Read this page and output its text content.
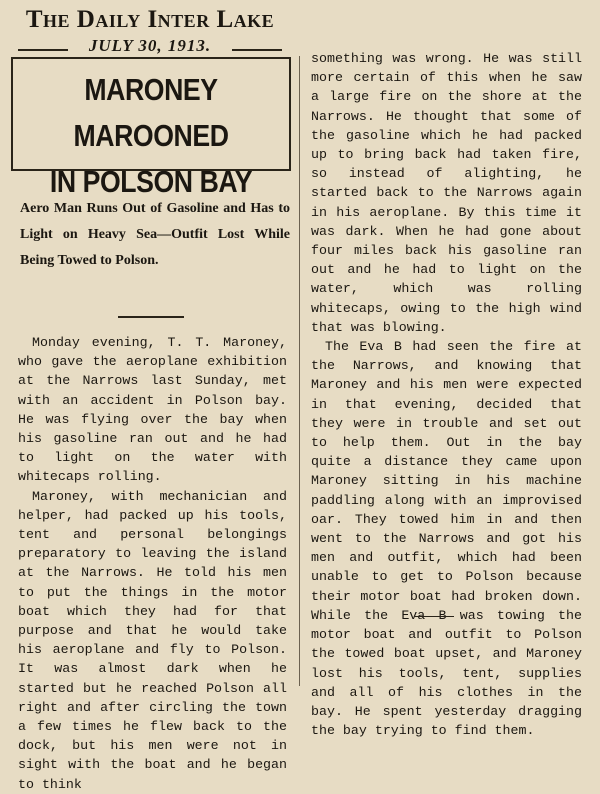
The Daily Inter Lake
JULY 30, 1913.
MARONEY MAROONED
IN POLSON BAY
Aero Man Runs Out of Gasoline and Has to Light on Heavy Sea—Outfit Lost While Being Towed to Polson.

Monday evening, T. T. Maroney, who gave the aeroplane exhibition at the Narrows last Sunday, met with an accident in Polson bay. He was flying over the bay when his gasoline ran out and he had to light on the water with whitecaps rolling.

Maroney, with mechanician and helper, had packed up his tools, tent and personal belongings preparatory to leaving the island at the Narrows. He told his men to put the things in the motor boat which they had for that purpose and that he would take his aeroplane and fly to Polson. It was almost dark when he started but he reached Polson all right and after circling the town a few times he flew back to the dock, but his men were not in sight with the boat and he began to think

something was wrong. He was still more certain of this when he saw a large fire on the shore at the Narrows. He thought that some of the gasoline which he had packed up to bring back had taken fire, so instead of alighting, he started back to the Narrows again in his aeroplane. By this time it was dark. When he had gone about four miles back his gasoline ran out and he had to light on the water, which was rolling whitecaps, owing to the high wind that was blowing.

The Eva B had seen the fire at the Narrows, and knowing that Maroney and his men were expected in that evening, decided that they were in trouble and set out to help them. Out in the bay quite a distance they came upon Maroney sitting in his machine paddling along with an improvised oar. They towed him in and then went to the Narrows and got his men and outfit, which had been unable to get to Polson because their motor boat had broken down. While the Eva B was towing the motor boat and outfit to Polson the towed boat upset, and Maroney lost his tools, tent, supplies and all of his clothes in the bay. He spent yesterday dragging the bay trying to find them.
